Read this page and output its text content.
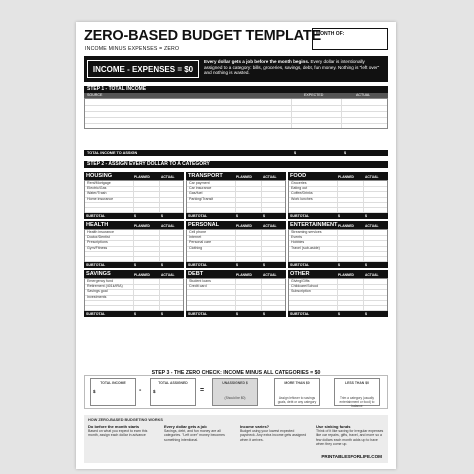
ZERO-BASED BUDGET TEMPLATE
INCOME MINUS EXPENSES = ZERO
MONTH OF:
INCOME - EXPENSES = $0
Every dollar gets a job before the month begins. Every dollar is intentionally assigned to a category: bills, groceries, savings, debt, fun money. Nothing is "left over" and nothing is wasted.
STEP 1 - TOTAL INCOME
SOURCE	EXPECTED	ACTUAL
TOTAL INCOME TO ASSIGN	$	$
STEP 2 - ASSIGN EVERY DOLLAR TO A CATEGORY
HOUSING	PLANNED	ACTUAL
Rent/Mortgage
Electric/Gas
Water/Trash
Home insurance
SUBTOTAL	$	$
TRANSPORT	PLANNED	ACTUAL
Car payment
Car insurance
Gas/fuel
Parking/Transit
SUBTOTAL	$	$
FOOD	PLANNED	ACTUAL
Groceries
Eating out
Coffee/Drinks
Work lunches
SUBTOTAL	$	$
HEALTH	PLANNED	ACTUAL
Health insurance
Doctor/Dentist
Prescriptions
Gym/Fitness
SUBTOTAL	$	$
PERSONAL	PLANNED	ACTUAL
Cell phone
Internet
Personal care
Clothing
SUBTOTAL	$	$
ENTERTAINMENT PLANNED	ACTUAL
Streaming services
Events
Hobbies
Travel (sub-aside)
SUBTOTAL	$	$
SAVINGS	PLANNED	ACTUAL
Emergency fund
Retirement (401k/IRA)
Savings goal
Investments
SUBTOTAL	$	$
DEBT	PLANNED	ACTUAL
Student loans
Credit card
SUBTOTAL	$	$
OTHER	PLANNED	ACTUAL
Giving/Gifts
Childcare/School
Subscription
SUBTOTAL	$	$
STEP 3 - THE ZERO CHECK: INCOME MINUS ALL CATEGORIES = $0
TOTAL INCOME
$
TOTAL ASSIGNED
$
UNASSIGNED $
(Should be $0)
MORE THAN $0
Assign leftover to savings goals, debt or any category
LESS THAN $0
Trim a category (usually entertainment or food) to balance
-	=
HOW ZERO-BASED BUDGETING WORKS
Do before the month starts
Based on what you expect to earn this month, assign each dollar in advance
Every dollar gets a job
Savings, debt, and fun money are all categories. "Left over" money becomes something intentional.
Income varies?
Budget using your lowest expected paycheck. Any extra income gets assigned when it arrives.
Use sinking funds
Think of it like saving for irregular expenses like car repairs, gifts, travel, and more so a few dollars each month adds up to have when they come up.
PRINTABLESFORLIFE.COM
